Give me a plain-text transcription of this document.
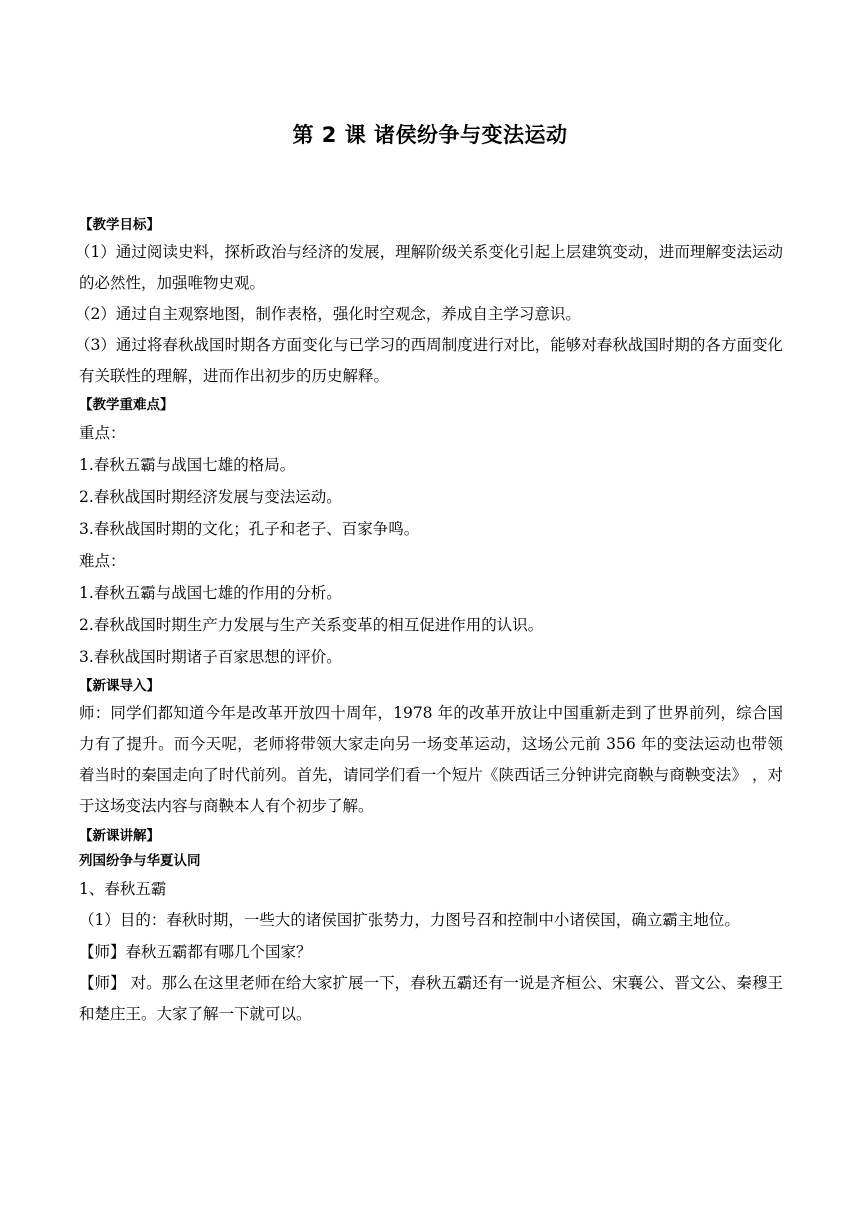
第 2 课 诸侯纷争与变法运动
【教学目标】
（1）通过阅读史料，探析政治与经济的发展，理解阶级关系变化引起上层建筑变动，进而理解变法运动的必然性，加强唯物史观。
（2）通过自主观察地图，制作表格，强化时空观念，养成自主学习意识。
（3）通过将春秋战国时期各方面变化与已学习的西周制度进行对比，能够对春秋战国时期的各方面变化有关联性的理解，进而作出初步的历史解释。
【教学重难点】
重点：
1.春秋五霸与战国七雄的格局。
2.春秋战国时期经济发展与变法运动。
3.春秋战国时期的文化；孔子和老子、百家争鸣。
难点：
1.春秋五霸与战国七雄的作用的分析。
2.春秋战国时期生产力发展与生产关系变革的相互促进作用的认识。
3.春秋战国时期诸子百家思想的评价。
【新课导入】
师：同学们都知道今年是改革开放四十周年，1978 年的改革开放让中国重新走到了世界前列，综合国力有了提升。而今天呢，老师将带领大家走向另一场变革运动，这场公元前 356 年的变法运动也带领着当时的秦国走向了时代前列。首先，请同学们看一个短片《陕西话三分钟讲完商鞅与商鞅变法》 ，对于这场变法内容与商鞅本人有个初步了解。
【新课讲解】
列国纷争与华夏认同
1、春秋五霸
（1）目的：春秋时期，一些大的诸侯国扩张势力，力图号召和控制中小诸侯国，确立霸主地位。
【师】春秋五霸都有哪几个国家？
【师】 对。那么在这里老师在给大家扩展一下，春秋五霸还有一说是齐桓公、宋襄公、晋文公、秦穆王和楚庄王。大家了解一下就可以。
